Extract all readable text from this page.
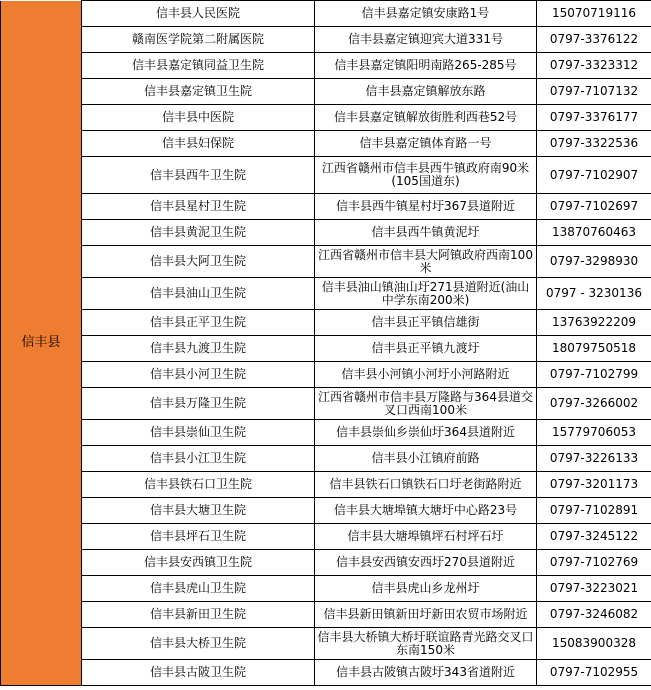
信丰县	信丰县人民医院	信丰县嘉定镇安康路1号	15070719116
	赣南医学院第二附属医院	信丰县嘉定镇迎宾大道331号	0797-3376122
	信丰县嘉定镇同益卫生院	信丰县嘉定镇阳明南路265-285号	0797-3323312
	信丰县嘉定镇卫生院	信丰县嘉定镇解放东路	0797-7107132
	信丰县中医院	信丰县嘉定镇解放街胜利西巷52号	0797-3376177
	信丰县妇保院	信丰县嘉定镇体育路一号	0797-3322536
	信丰县西牛卫生院	江西省赣州市信丰县西牛镇政府南90米(105国道东)	0797-7102907
	信丰县星村卫生院	信丰县西牛镇星村圩367县道附近	0797-7102697
	信丰县黄泥卫生院	信丰县西牛镇黄泥圩	13870760463
	信丰县大阿卫生院	江西省赣州市信丰县大阿镇政府西南100米	0797-3298930
	信丰县油山卫生院	信丰县油山镇油山圩271县道附近(油山中学东南200米)	0797 - 3230136
	信丰县正平卫生院	信丰县正平镇信雄街	13763922209
	信丰县九渡卫生院	信丰县正平镇九渡圩	18079750518
	信丰县小河卫生院	信丰县小河镇小河圩小河路附近	0797-7102799
	信丰县万隆卫生院	江西省赣州市信丰县万隆路与364县道交叉口西南100米	0797-3266002
	信丰县崇仙卫生院	信丰县崇仙乡崇仙圩364县道附近	15779706053
	信丰县小江卫生院	信丰县小江镇府前路	0797-3226133
	信丰县铁石口卫生院	信丰县铁石口镇铁石口圩老街路附近	0797-3201173
	信丰县大塘卫生院	信丰县大塘埠镇大塘圩中心路23号	0797-7102891
	信丰县坪石卫生院	信丰县大塘埠镇坪石村坪石圩	0797-3245122
	信丰县安西镇卫生院	信丰县安西镇安西圩270县道附近	0797-7102769
	信丰县虎山卫生院	信丰县虎山乡龙州圩	0797-3223021
	信丰县新田卫生院	信丰县新田镇新田圩新田农贸市场附近	0797-3246082
	信丰县大桥卫生院	信丰县大桥镇大桥圩联谊路青光路交叉口东南150米	15083900328
	信丰县古陂卫生院	信丰县古陂镇古陂圩343省道附近	0797-7102955
